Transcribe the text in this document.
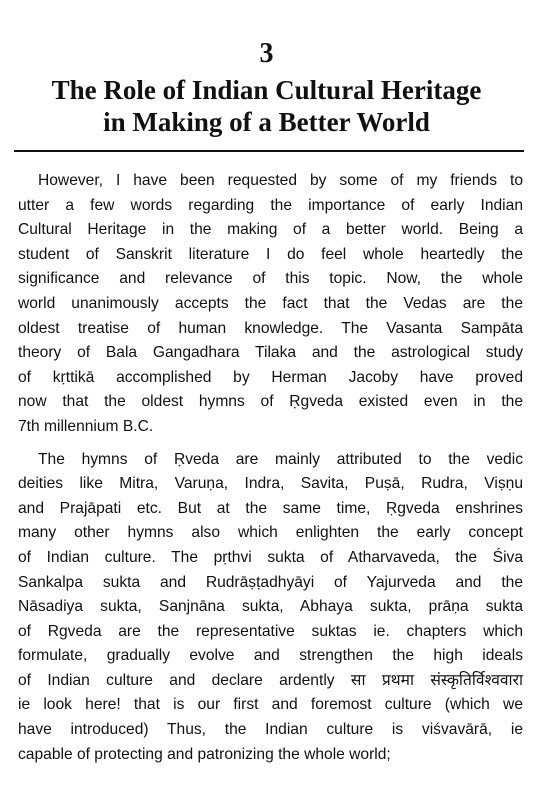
3
The Role of Indian Cultural Heritage
in Making of a Better World
However, I have been requested by some of my friends to
utter a few words regarding the importance of early Indian
Cultural Heritage in the making of a better world. Being a
student of Sanskrit literature I do feel whole heartedly the
significance and relevance of this topic. Now, the whole
world unanimously accepts the fact that the Vedas are the
oldest treatise of human knowledge. The Vasanta Sampāta
theory of Bala Gangadhara Tilaka and the astrological study
of kṛttikā accomplished by Herman Jacoby have proved
now that the oldest hymns of Ṛgveda existed even in the
7th millennium B.C.
The hymns of Ṛveda are mainly attributed to the vedic
deities like Mitra, Varuṇa, Indra, Savita, Puṣā, Rudra, Viṣṇu
and Prajāpati etc. But at the same time, Ṛgveda enshrines
many other hymns also which enlighten the early concept
of Indian culture. The pṛthvi sukta of Atharvaveda, the Śiva
Sankalpa sukta and Rudrāṣṭadhyāyi of Yajurveda and the
Nāsadiya sukta, Sanjnāna sukta, Abhaya sukta, prāṇa sukta
of Rgveda are the representative suktas ie. chapters which
formulate, gradually evolve and strengthen the high ideals
of Indian culture and declare ardently सा प्रथमा संस्कृतिर्विश्ववारा
ie look here! that is our first and foremost culture (which we
have introduced) Thus, the Indian culture is viśvavārā, ie
capable of protecting and patronizing the whole world;
